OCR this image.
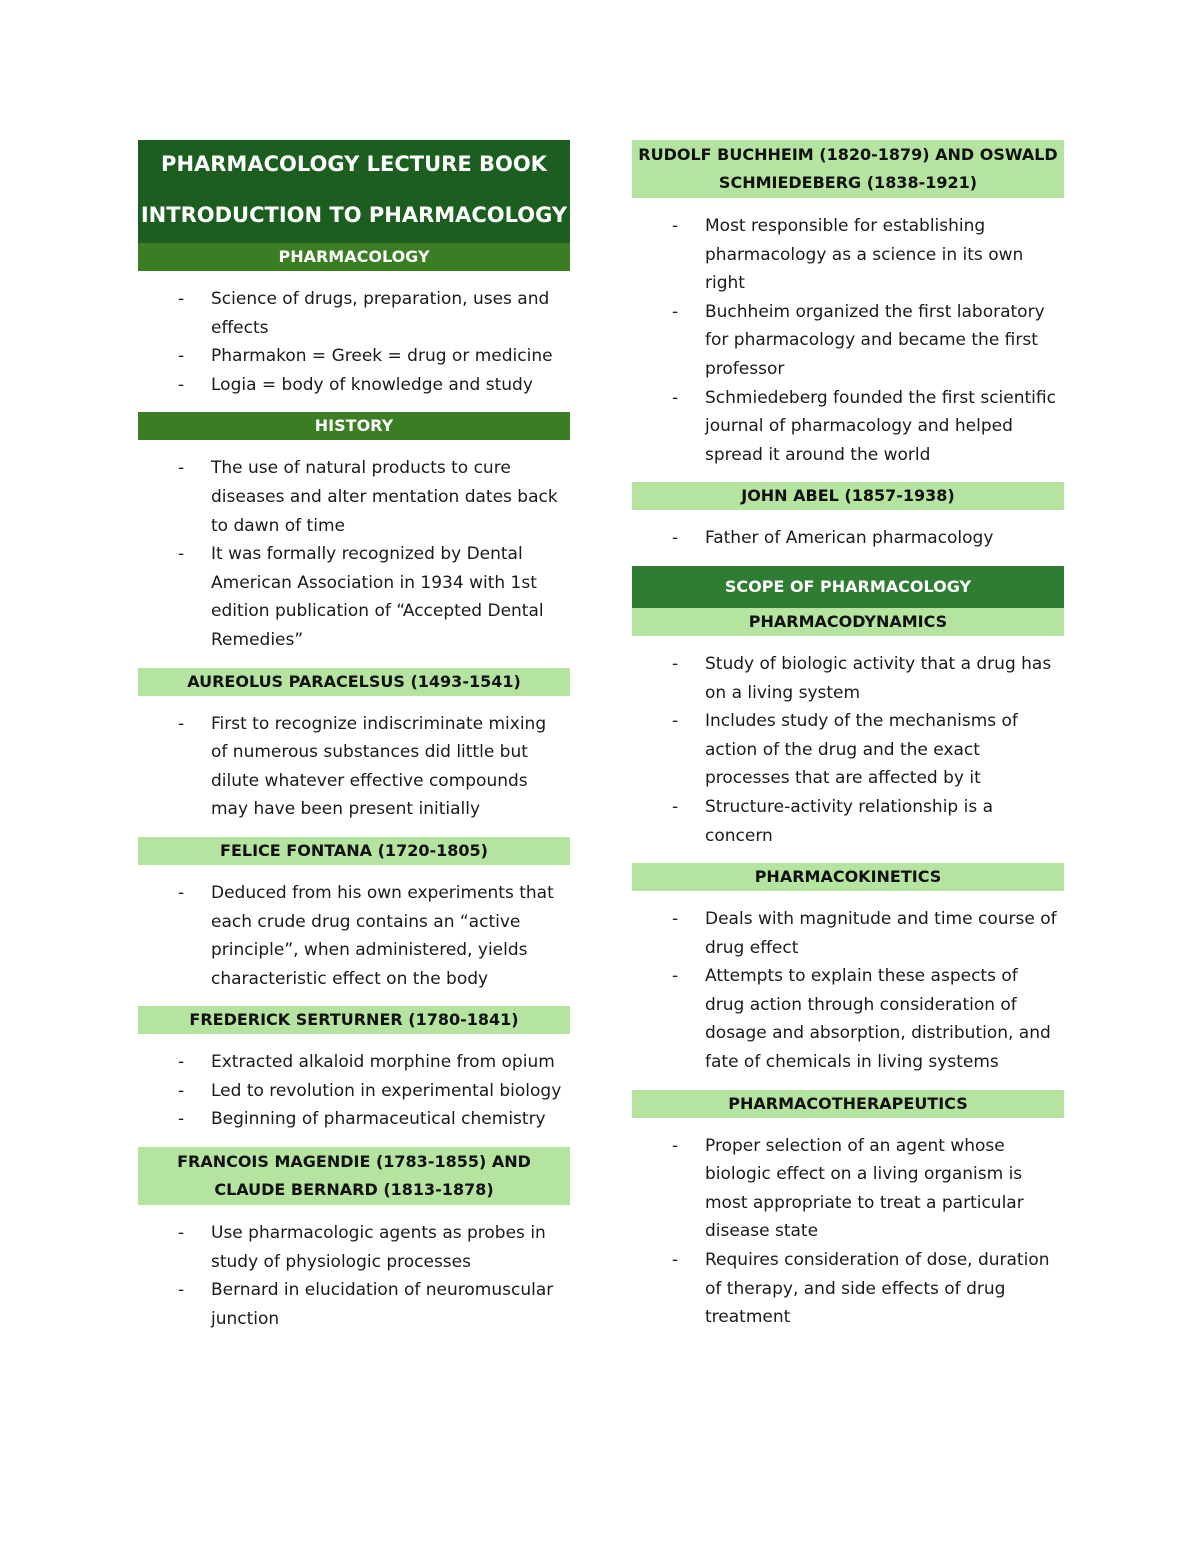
PHARMACOLOGY LECTURE BOOK
INTRODUCTION TO PHARMACOLOGY
PHARMACOLOGY
- Science of drugs, preparation, uses and effects
- Pharmakon = Greek = drug or medicine
- Logia = body of knowledge and study
HISTORY
- The use of natural products to cure diseases and alter mentation dates back to dawn of time
- It was formally recognized by Dental American Association in 1934 with 1st edition publication of “Accepted Dental Remedies”
AUREOLUS PARACELSUS (1493-1541)
- First to recognize indiscriminate mixing of numerous substances did little but dilute whatever effective compounds may have been present initially
FELICE FONTANA (1720-1805)
- Deduced from his own experiments that each crude drug contains an “active principle”, when administered, yields characteristic effect on the body
FREDERICK SERTURNER (1780-1841)
- Extracted alkaloid morphine from opium
- Led to revolution in experimental biology
- Beginning of pharmaceutical chemistry
FRANCOIS MAGENDIE (1783-1855) AND CLAUDE BERNARD (1813-1878)
- Use pharmacologic agents as probes in study of physiologic processes
- Bernard in elucidation of neuromuscular junction
RUDOLF BUCHHEIM (1820-1879) AND OSWALD SCHMIEDEBERG (1838-1921)
- Most responsible for establishing pharmacology as a science in its own right
- Buchheim organized the first laboratory for pharmacology and became the first professor
- Schmiedeberg founded the first scientific journal of pharmacology and helped spread it around the world
JOHN ABEL (1857-1938)
- Father of American pharmacology
SCOPE OF PHARMACOLOGY
PHARMACODYNAMICS
- Study of biologic activity that a drug has on a living system
- Includes study of the mechanisms of action of the drug and the exact processes that are affected by it
- Structure-activity relationship is a concern
PHARMACOKINETICS
- Deals with magnitude and time course of drug effect
- Attempts to explain these aspects of drug action through consideration of dosage and absorption, distribution, and fate of chemicals in living systems
PHARMACOTHERAPEUTICS
- Proper selection of an agent whose biologic effect on a living organism is most appropriate to treat a particular disease state
- Requires consideration of dose, duration of therapy, and side effects of drug treatment
